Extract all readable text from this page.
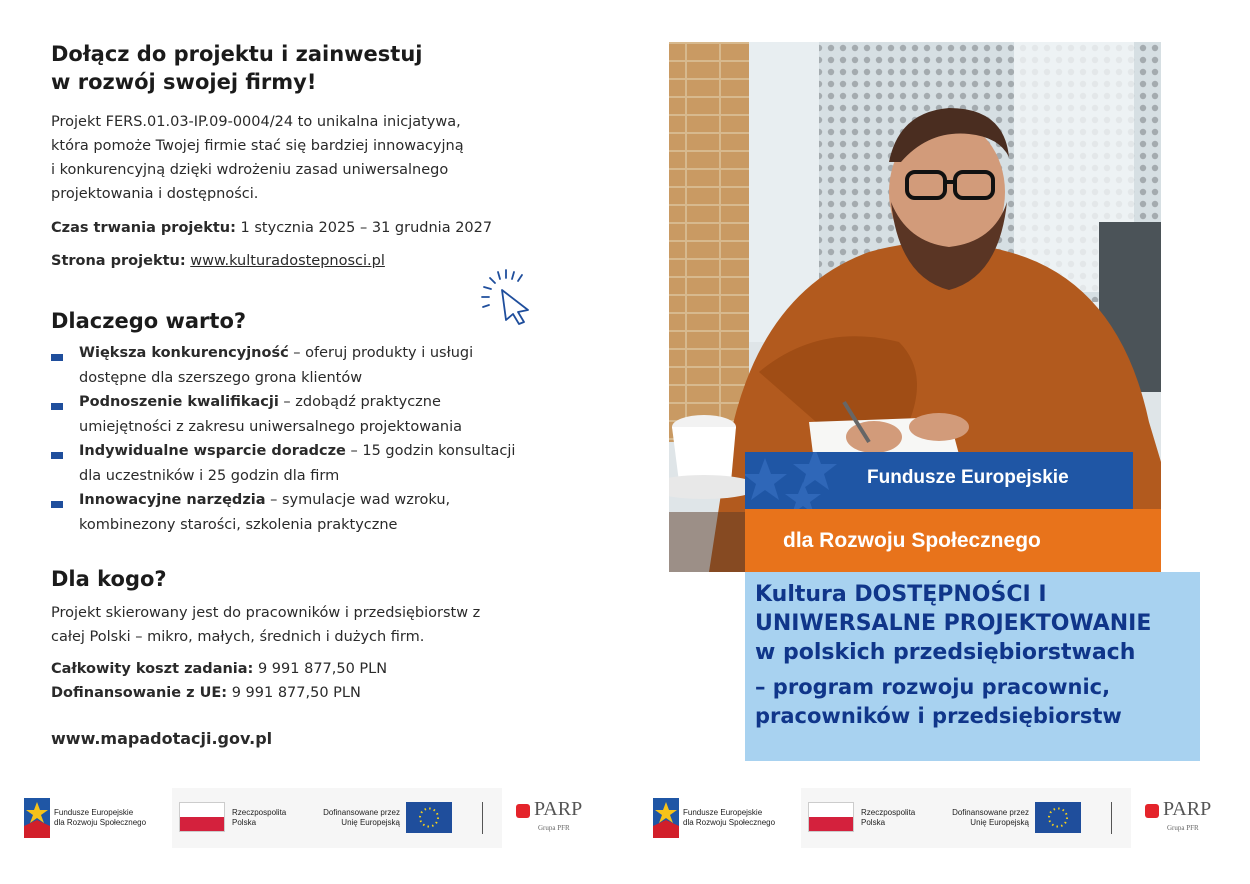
Dołącz do projektu i zainwestuj
w rozwój swojej firmy!
Projekt FERS.01.03-IP.09-0004/24 to unikalna inicjatywa,
która pomoże Twojej firmie stać się bardziej innowacyjną
i konkurencyjną dzięki wdrożeniu zasad uniwersalnego
projektowania i dostępności.
Czas trwania projektu: 1 stycznia 2025 – 31 grudnia 2027
Strona projektu: www.kulturadostepnosci.pl
Dlaczego warto?
Większa konkurencyjność – oferuj produkty i usługi
dostępne dla szerszego grona klientów
Podnoszenie kwalifikacji – zdobądź praktyczne
umiejętności z zakresu uniwersalnego projektowania
Indywidualne wsparcie doradcze – 15 godzin konsultacji
dla uczestników i 25 godzin dla firm
Innowacyjne narzędzia – symulacje wad wzroku,
kombinezony starości, szkolenia praktyczne
Dla kogo?
Projekt skierowany jest do pracowników i przedsiębiorstw z
całej Polski – mikro, małych, średnich i dużych firm.
Całkowity koszt zadania: 9 991 877,50 PLN
Dofinansowanie z UE: 9 991 877,50 PLN
www.mapadotacji.gov.pl
Fundusze Europejskie
dla Rozwoju Społecznego
Kultura DOSTĘPNOŚCI I
UNIWERSALNE PROJEKTOWANIE
w polskich przedsiębiorstwach
– program rozwoju pracownic,
pracowników i przedsiębiorstw
Fundusze Europejskie
dla Rozwoju Społecznego
Rzeczpospolita
Polska
Dofinansowane przez
Unię Europejską
PARP
Grupa PFR
Fundusze Europejskie
dla Rozwoju Społecznego
Rzeczpospolita
Polska
Dofinansowane przez
Unię Europejską
PARP
Grupa PFR
